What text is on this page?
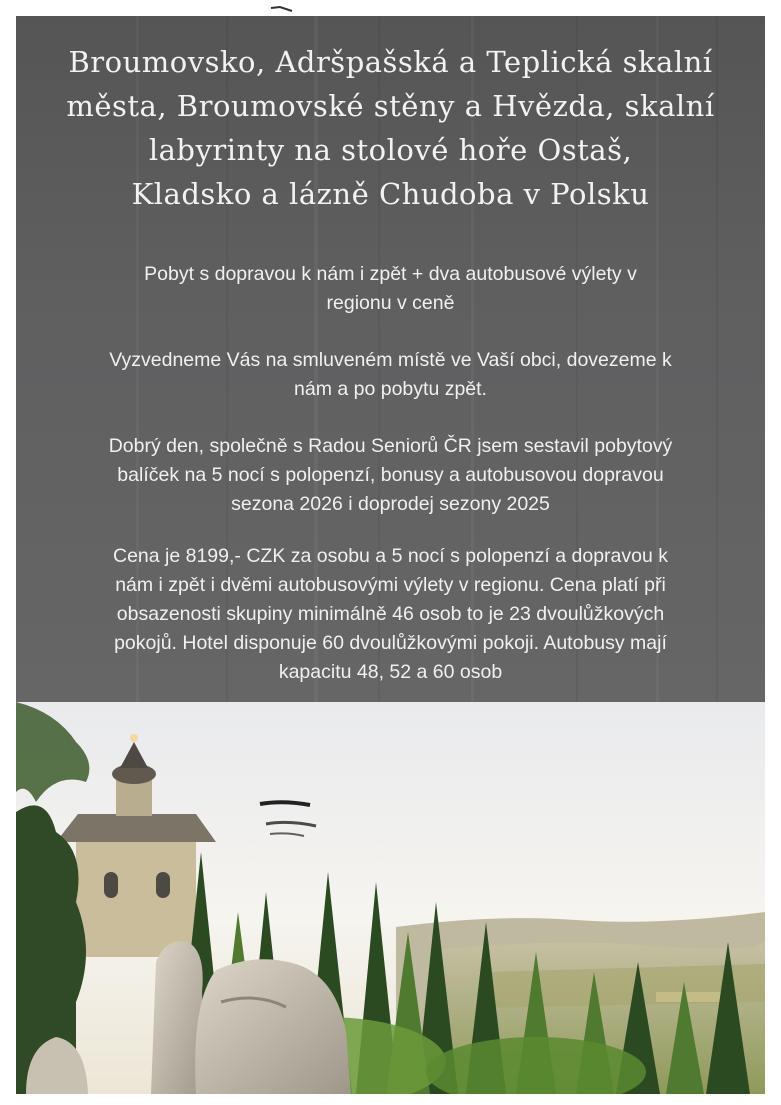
Broumovsko, Adršpašská a Teplická skalní
města, Broumovské stěny a Hvězda, skalní
labyrinty na stolové hoře Ostaš,
Kladsko a lázně Chudoba v Polsku

Pobyt s dopravou k nám i zpět + dva autobusové výlety v
regionu v ceně

Vyzvedneme Vás na smluveném místě ve Vaší obci, dovezeme k
nám a po pobytu zpět.

Dobrý den, společně s Radou Seniorů ČR jsem sestavil pobytový
balíček na 5 nocí s polopenzí, bonusy a autobusovou dopravou
sezona 2026 i doprodej sezony 2025

Cena je 8199,- CZK za osobu a 5 nocí s polopenzí a dopravou k
nám i zpět i dvěmi autobusovými výlety v regionu. Cena platí při
obsazenosti skupiny minimálně 46 osob to je 23 dvoulůžkových
pokojů. Hotel disponuje 60 dvoulůžkovými pokoji. Autobusy mají
kapacitu 48, 52 a 60 osob
